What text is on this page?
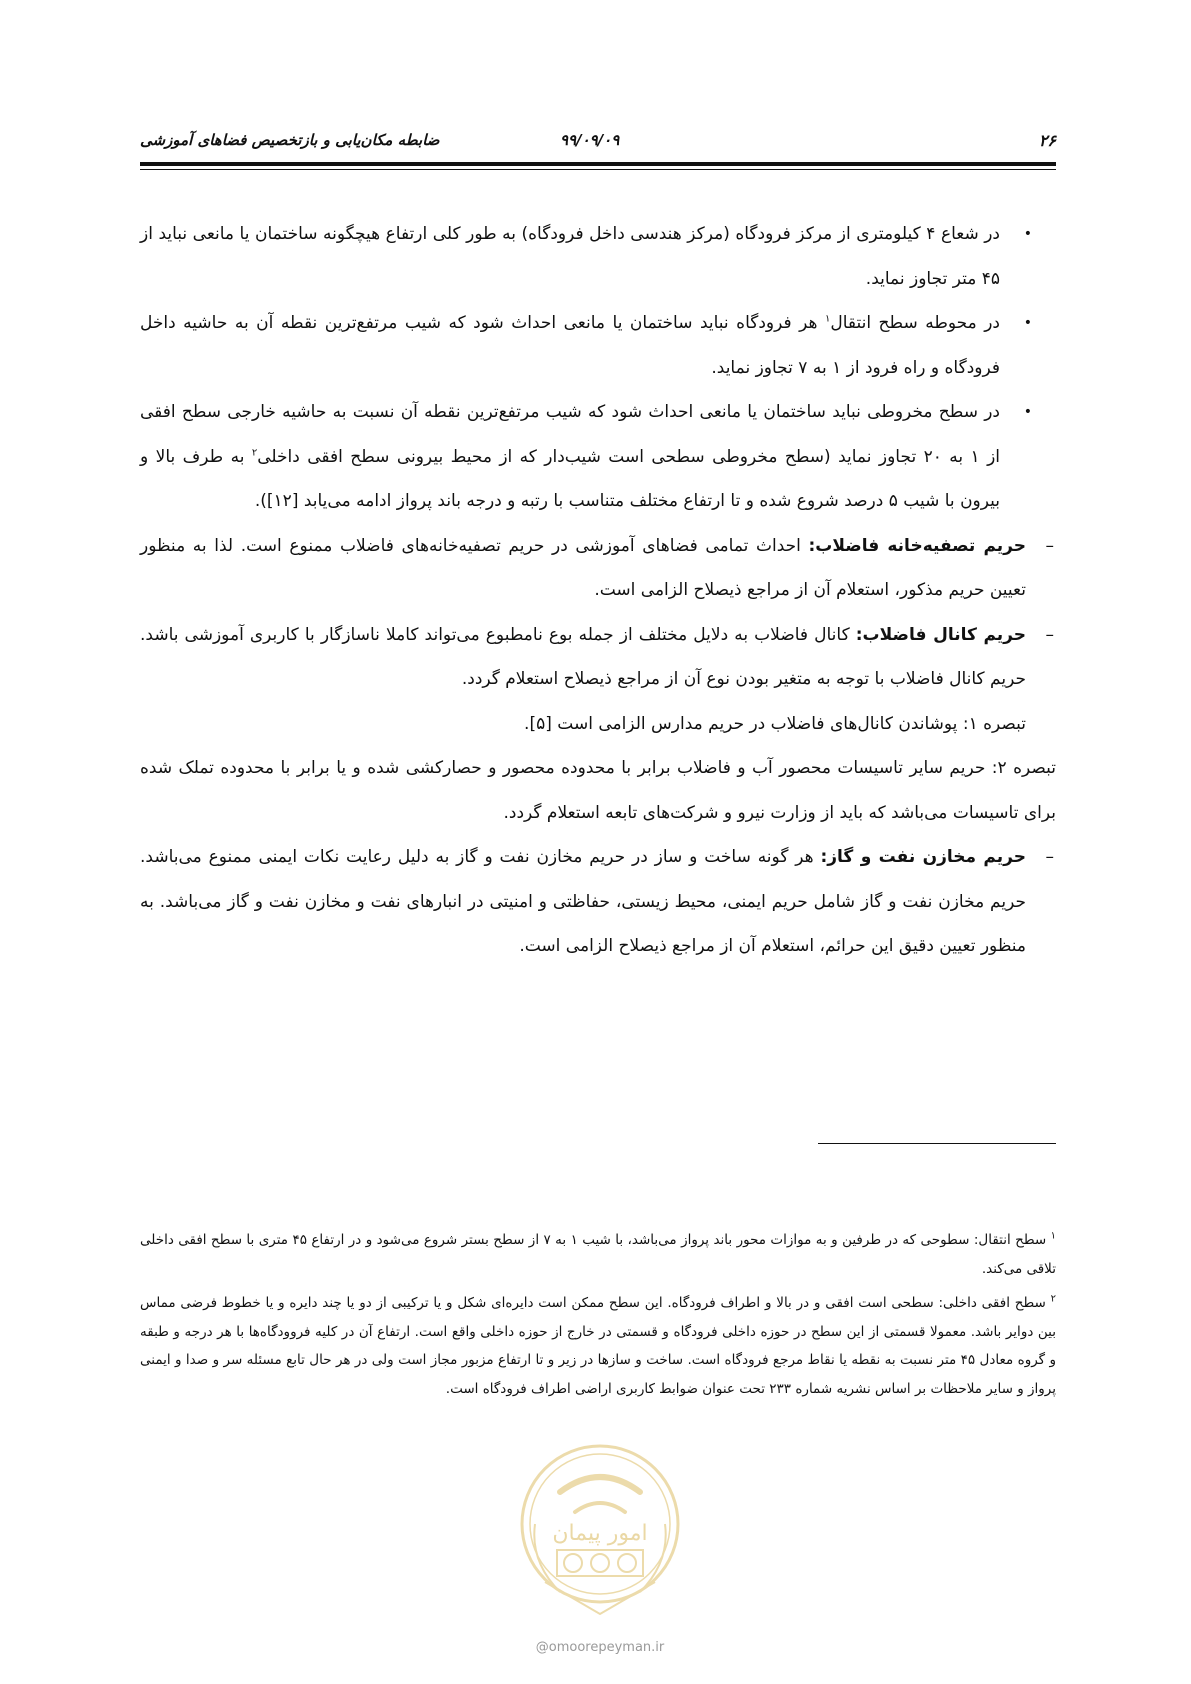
۲۶
۹۹/۰۹/۰۹
ضابطه مکان‌یابی و بازتخصیص فضاهای آموزشی

•
در شعاع ۴ کیلومتری از مرکز فرودگاه (مرکز هندسی داخل فرودگاه) به طور کلی ارتفاع هیچگونه ساختمان یا مانعی نباید از ۴۵ متر تجاوز نماید.

•
در محوطه سطح انتقال$^۱$ هر فرودگاه نباید ساختمان یا مانعی احداث شود که شیب مرتفع‌ترین نقطه آن به حاشیه داخل فرودگاه و راه فرود از ۱ به ۷ تجاوز نماید.

•
در سطح مخروطی نباید ساختمان یا مانعی احداث شود که شیب مرتفع‌ترین نقطه آن نسبت به حاشیه خارجی سطح افقی از ۱ به ۲۰ تجاوز نماید (سطح مخروطی سطحی است شیب‌دار که از محیط بیرونی سطح افقی داخلی$^۲$ به طرف بالا و بیرون با شیب ۵ درصد شروع شده و تا ارتفاع مختلف متناسب با رتبه و درجه باند پرواز ادامه می‌یابد [۱۲]).

–
حریم تصفیه‌خانه فاضلاب: احداث تمامی فضاهای آموزشی در حریم تصفیه‌خانه‌های فاضلاب ممنوع است. لذا به منظور تعیین حریم مذکور، استعلام آن از مراجع ذیصلاح الزامی است.

–
حریم کانال فاضلاب: کانال فاضلاب به دلایل مختلف از جمله بوع نامطبوع می‌تواند کاملا ناسازگار با کاربری آموزشی باشد. حریم کانال فاضلاب با توجه به متغیر بودن نوع آن از مراجع ذیصلاح استعلام گردد.

تبصره ۱: پوشاندن کانال‌های فاضلاب در حریم مدارس الزامی است [۵].

تبصره ۲: حریم سایر تاسیسات محصور آب و فاضلاب برابر با محدوده محصور و حصارکشی شده و یا برابر با محدوده تملک شده برای تاسیسات می‌باشد که باید از وزارت نیرو و شرکت‌های تابعه استعلام گردد.

–
حریم مخازن نفت و گاز: هر گونه ساخت و ساز در حریم مخازن نفت و گاز به دلیل رعایت نکات ایمنی ممنوع می‌باشد. حریم مخازن نفت و گاز شامل حریم ایمنی، محیط زیستی، حفاظتی و امنیتی در انبارهای نفت و مخازن نفت و گاز می‌باشد. به منظور تعیین دقیق این حرائم، استعلام آن از مراجع ذیصلاح الزامی است.

$^۱$ سطح انتقال: سطوحی که در طرفین و به موازات محور باند پرواز می‌باشد، با شیب ۱ به ۷ از سطح بستر شروع می‌شود و در ارتفاع ۴۵ متری با سطح افقی داخلی تلاقی می‌کند.

$^۲$ سطح افقی داخلی: سطحی است افقی و در بالا و اطراف فرودگاه. این سطح ممکن است دایره‌ای شکل و یا ترکیبی از دو یا چند دایره و یا خطوط فرضی مماس بین دوایر باشد. معمولا قسمتی از این سطح در حوزه داخلی فرودگاه و قسمتی در خارج از حوزه داخلی واقع است. ارتفاع آن در کلیه فروودگاه‌ها با هر درجه و طبقه و گروه معادل ۴۵ متر نسبت به نقطه یا نقاط مرجع فرودگاه است. ساخت و سازها در زیر و تا ارتفاع مزبور مجاز است ولی در هر حال تابع مسئله سر و صدا و ایمنی پرواز و سایر ملاحظات بر اساس نشریه شماره ۲۳۳ تحت عنوان ضوابط کاربری اراضی اطراف فرودگاه است.

امور پیمان
@omoorepeyman.ir
